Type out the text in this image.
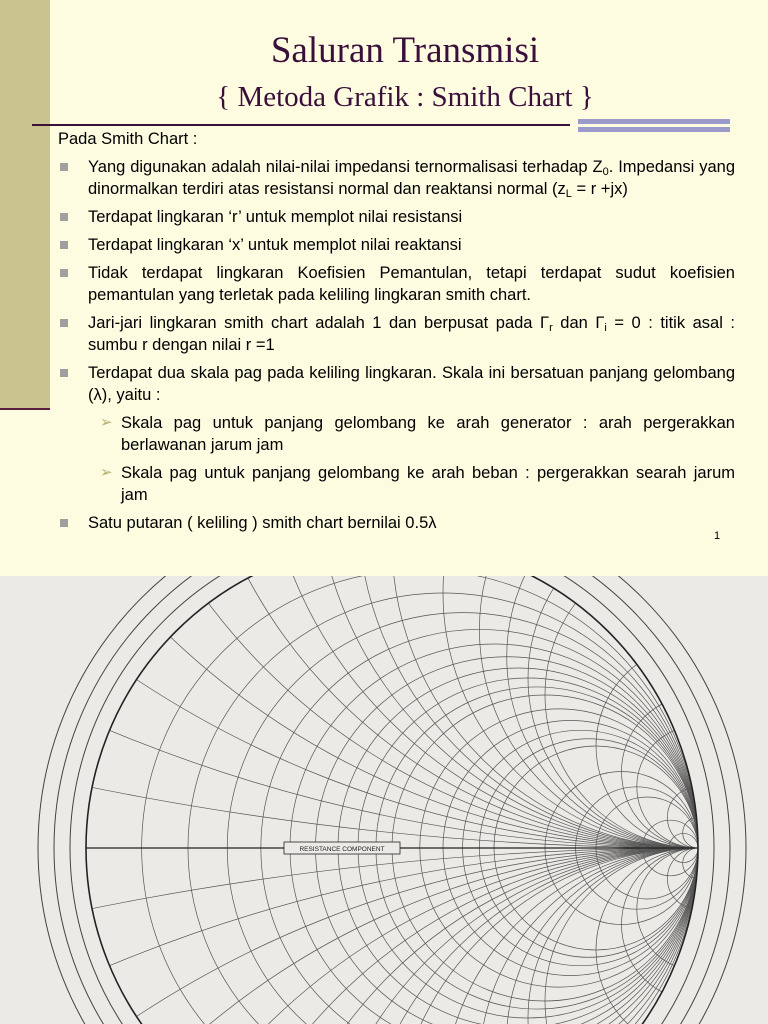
Saluran Transmisi
{ Metoda Grafik : Smith Chart }
Pada Smith Chart :
Yang digunakan adalah nilai-nilai impedansi ternormalisasi terhadap $Z_0$. Impedansi yang dinormalkan terdiri atas resistansi normal dan reaktansi normal $(z_L = r +jx)$
Terdapat lingkaran ‘r’ untuk memplot nilai resistansi
Terdapat lingkaran ‘x’ untuk memplot nilai reaktansi
Tidak terdapat lingkaran Koefisien Pemantulan, tetapi terdapat sudut koefisien pemantulan yang terletak pada keliling lingkaran smith chart.
Jari-jari lingkaran smith chart adalah 1 dan berpusat pada $\Gamma_r$ dan $\Gamma_i = 0$ : titik asal : sumbu r dengan nilai r =1
Terdapat dua skala pag pada keliling lingkaran. Skala ini bersatuan panjang gelombang (λ), yaitu :
➢ Skala pag untuk panjang gelombang ke arah generator : arah pergerakkan berlawanan jarum jam
➢ Skala pag untuk panjang gelombang ke arah beban : pergerakkan searah jarum jam
Satu putaran ( keliling ) smith chart bernilai 0.5λ
1
RESISTANCE COMPONENT
